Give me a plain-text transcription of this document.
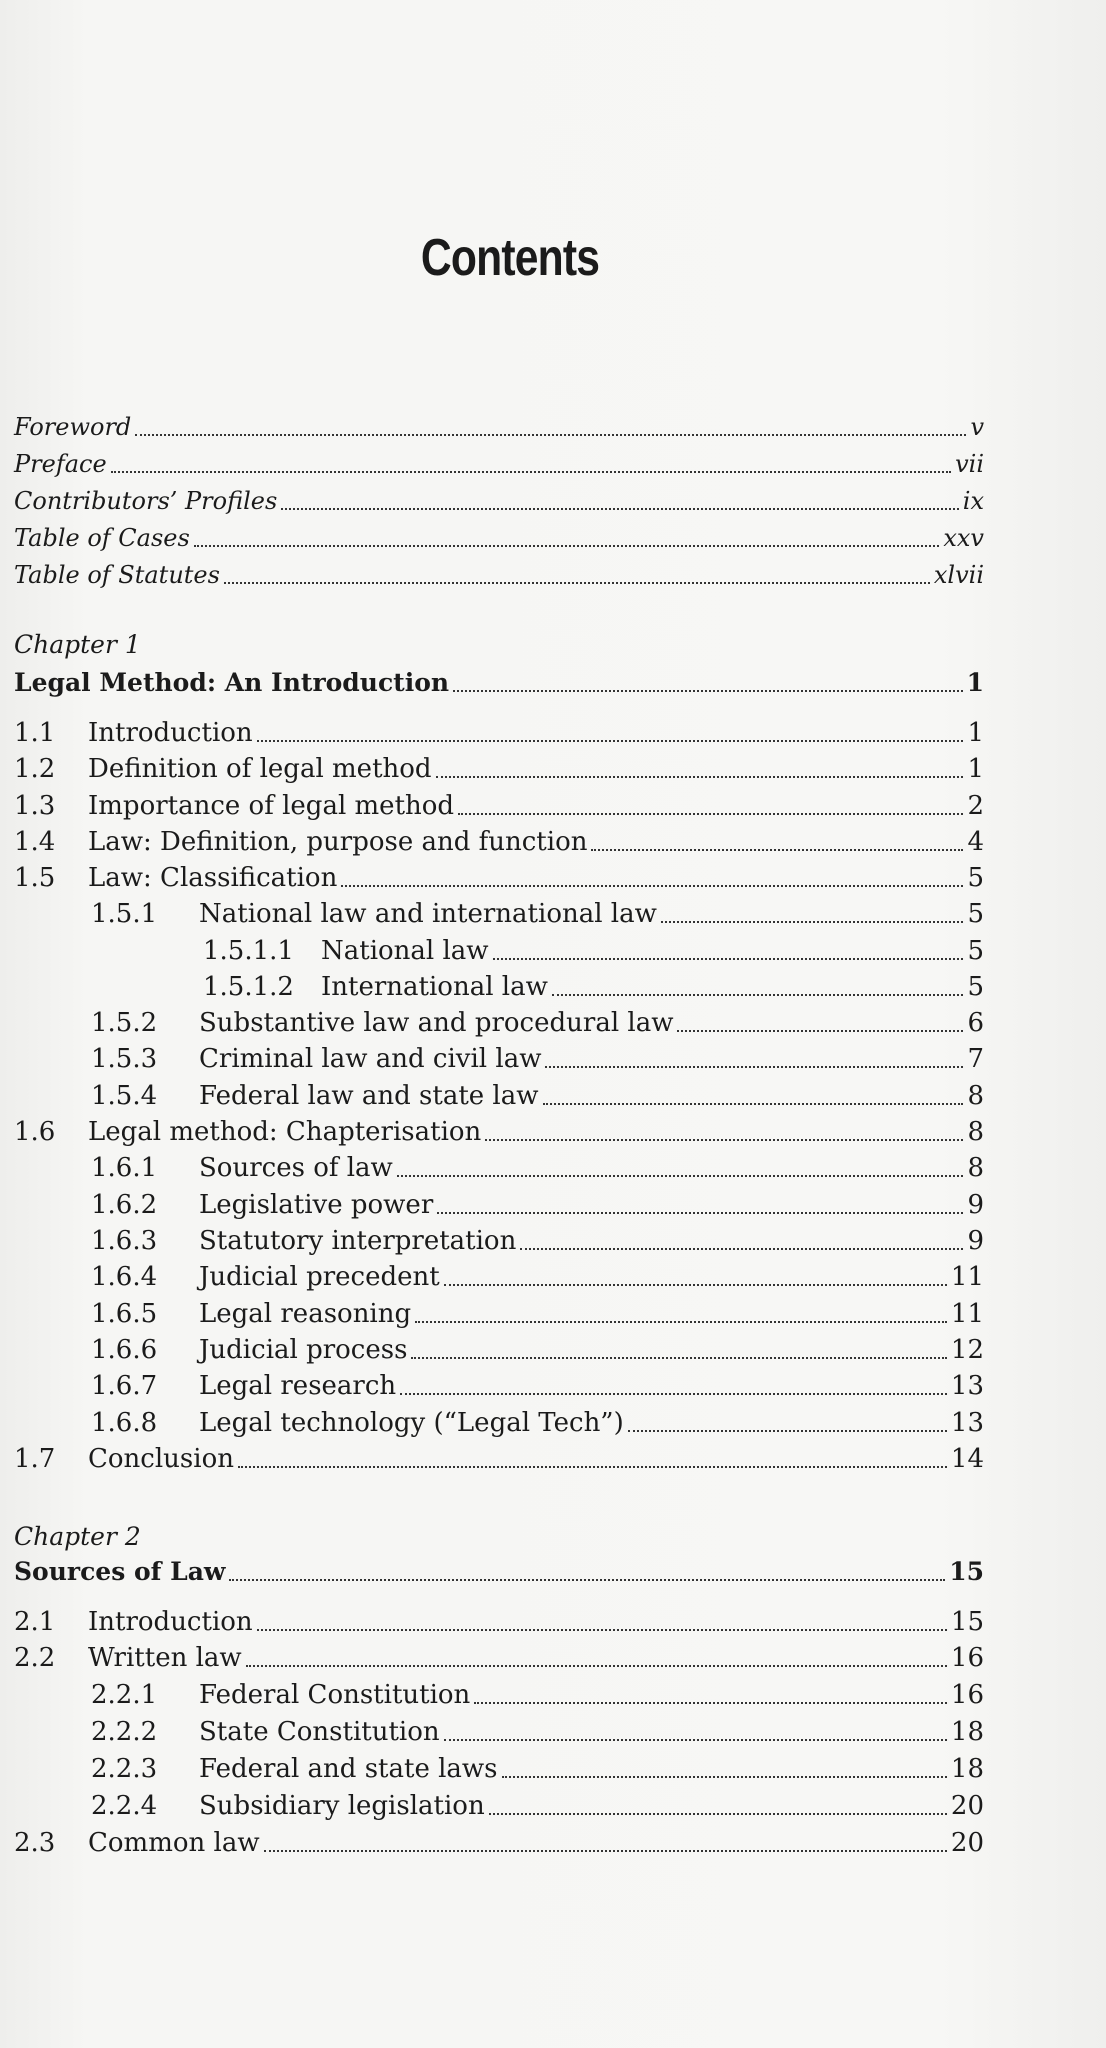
Contents
Foreword	v
Preface	vii
Contributors’ Profiles	ix
Table of Cases	xxv
Table of Statutes	xlvii
Chapter 1
Legal Method: An Introduction	1
1.1	Introduction	1
1.2	Definition of legal method	1
1.3	Importance of legal method	2
1.4	Law: Definition, purpose and function	4
1.5	Law: Classification	5
1.5.1	National law and international law	5
1.5.1.1	National law	5
1.5.1.2	International law	5
1.5.2	Substantive law and procedural law	6
1.5.3	Criminal law and civil law	7
1.5.4	Federal law and state law	8
1.6	Legal method: Chapterisation	8
1.6.1	Sources of law	8
1.6.2	Legislative power	9
1.6.3	Statutory interpretation	9
1.6.4	Judicial precedent	11
1.6.5	Legal reasoning	11
1.6.6	Judicial process	12
1.6.7	Legal research	13
1.6.8	Legal technology (“Legal Tech”)	13
1.7	Conclusion	14
Chapter 2
Sources of Law	15
2.1	Introduction	15
2.2	Written law	16
2.2.1	Federal Constitution	16
2.2.2	State Constitution	18
2.2.3	Federal and state laws	18
2.2.4	Subsidiary legislation	20
2.3	Common law	20
